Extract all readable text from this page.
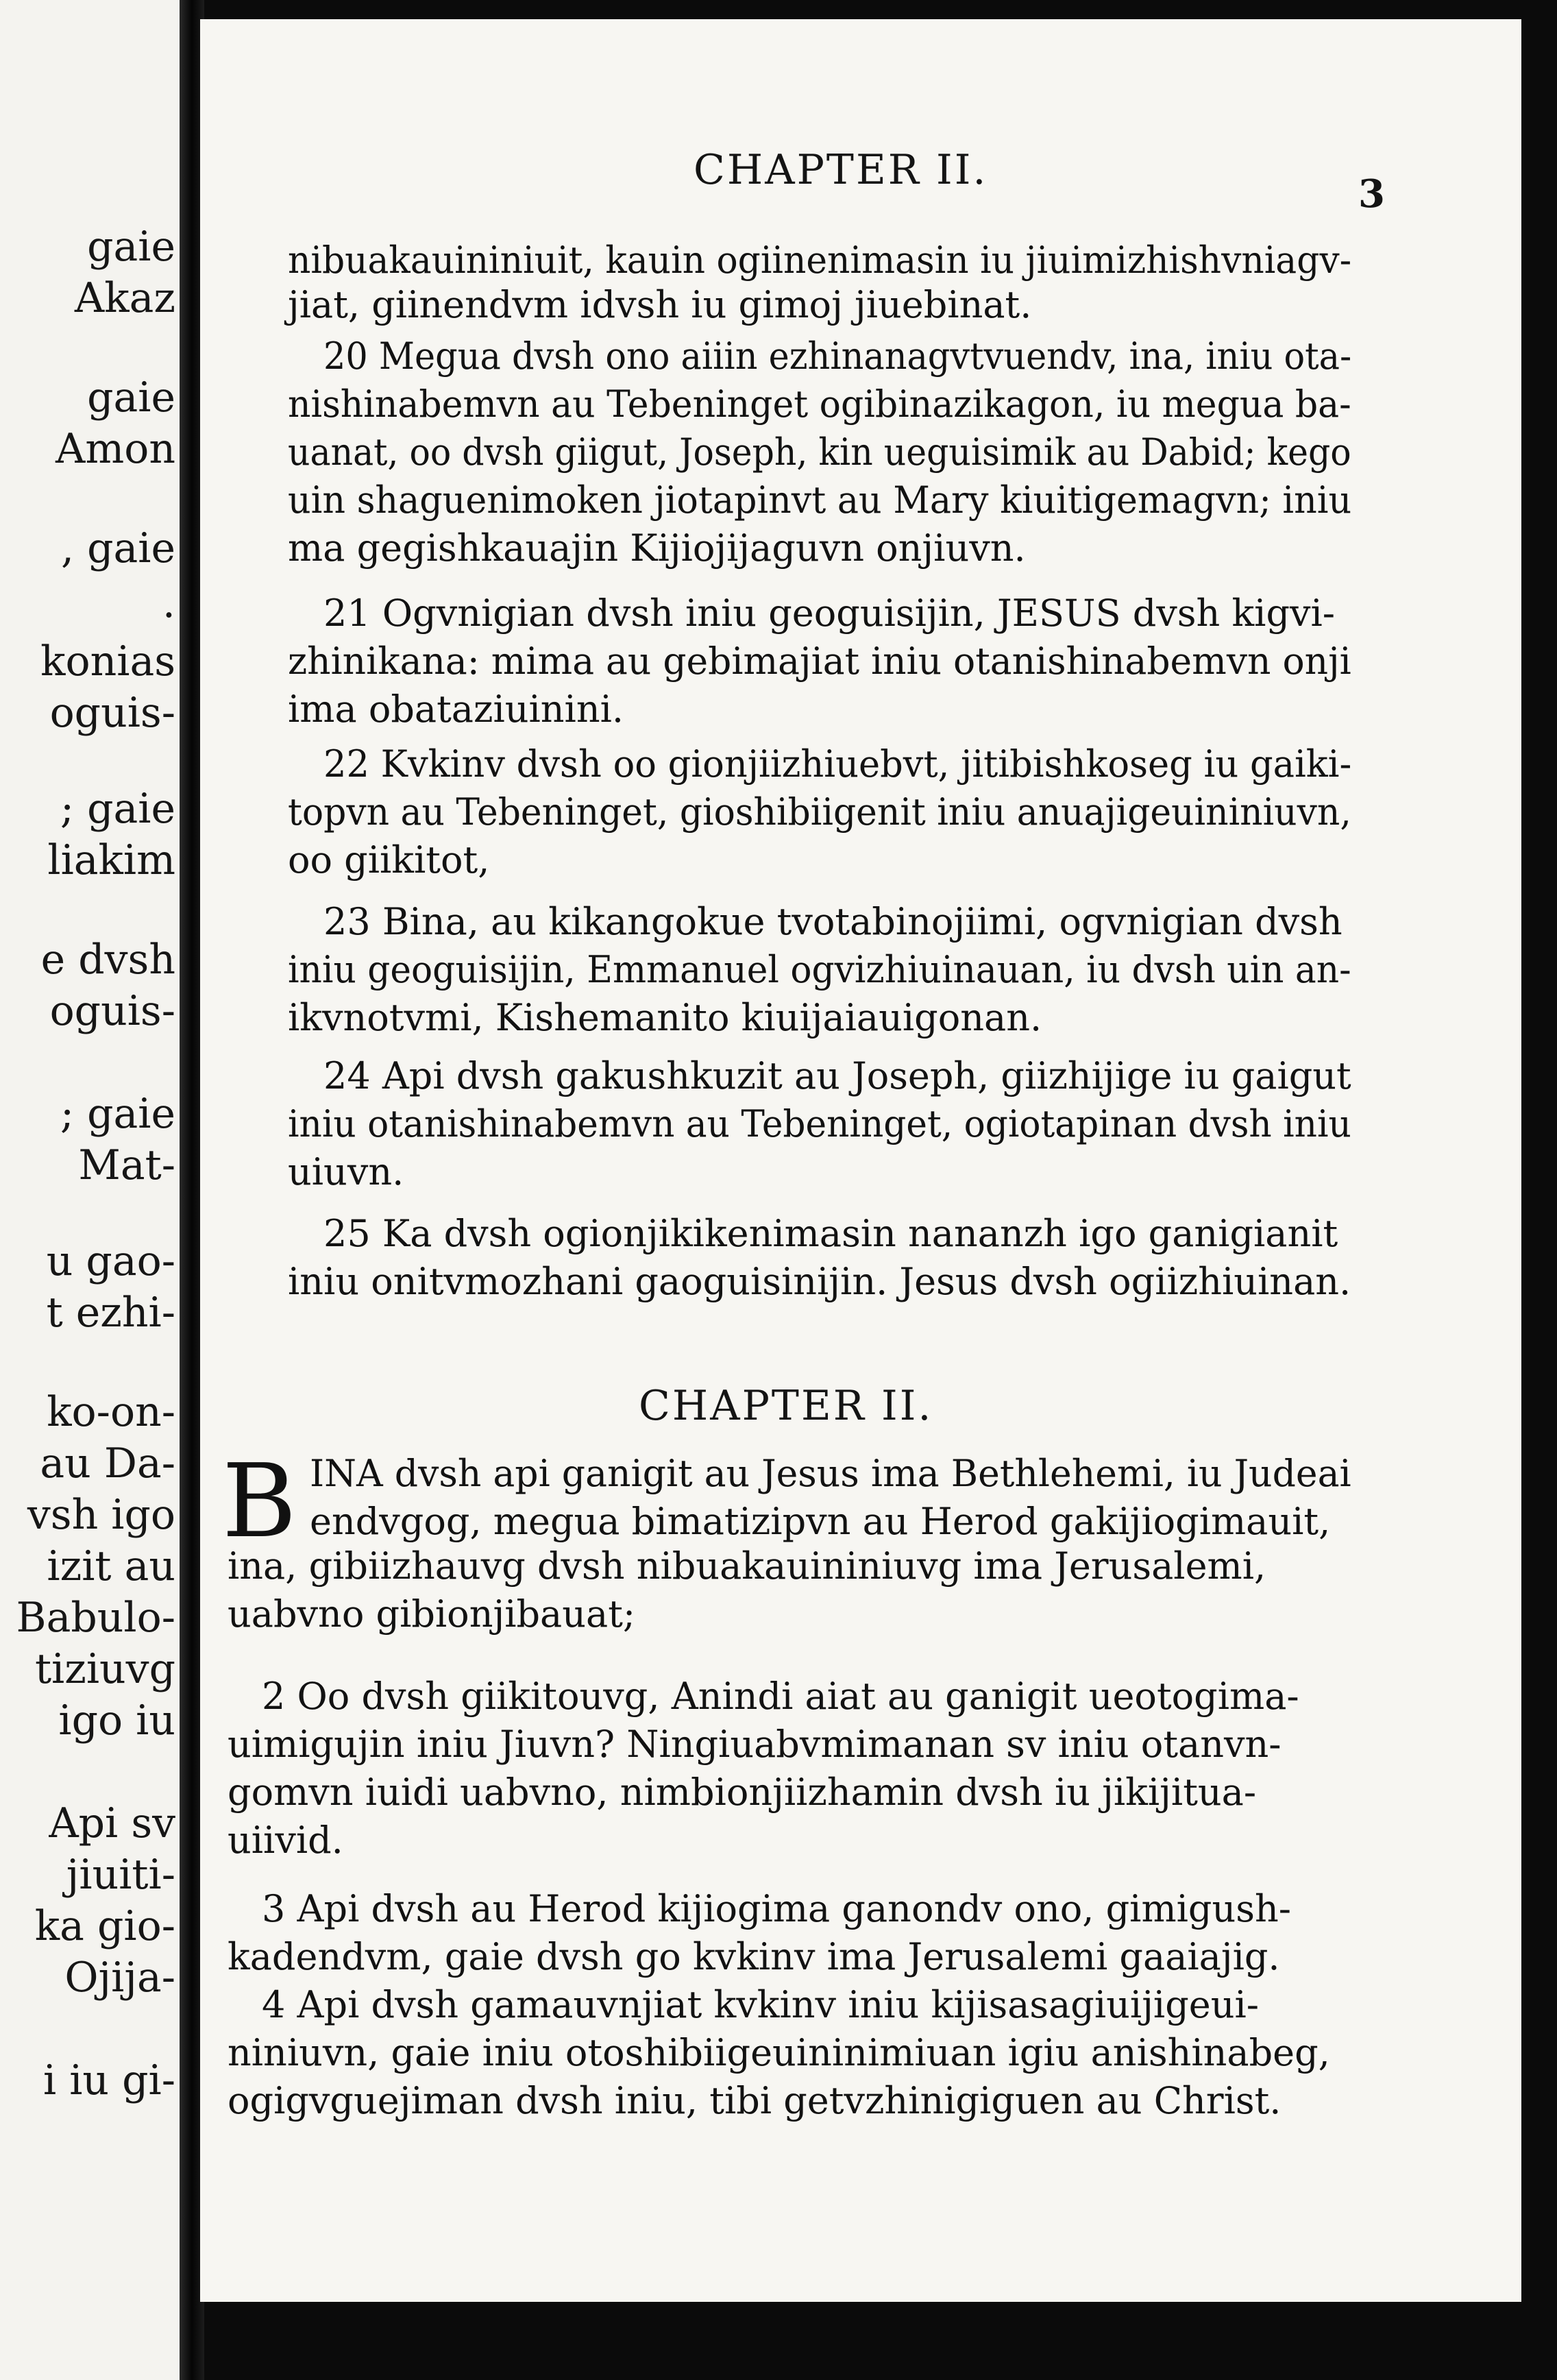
gaie
Akaz
gaie
Amon
, gaie
.
konias
oguis-
; gaie
liakim
e dvsh
oguis-
; gaie
Mat-
u gao-
t ezhi-
ko-on-
au Da-
vsh igo
izit au
Babulo-
tiziuvg
igo iu
Api sv
jiuiti-
ka gio-
Ojija-
i iu gi-
CHAPTER II.	3
nibuakauininiuit, kauin ogiinenimasin iu jiuimizhishvniagv-
jiat, giinendvm idvsh iu gimoj jiuebinat.
20 Megua dvsh ono aiiin ezhinanagvtvuendv, ina, iniu ota-
nishinabemvn au Tebeninget ogibinazikagon, iu megua ba-
uanat, oo dvsh giigut, Joseph, kin ueguisimik au Dabid; kego
uin shaguenimoken jiotapinvt au Mary kiuitigemagvn; iniu
ma gegishkauajin Kijiojijaguvn onjiuvn.
21 Ogvnigian dvsh iniu geoguisijin, JESUS dvsh kigvi-
zhinikana: mima au gebimajiat iniu otanishinabemvn onji
ima obataziuinini.
22 Kvkinv dvsh oo gionjiizhiuebvt, jitibishkoseg iu gaiki-
topvn au Tebeninget, gioshibiigenit iniu anuajigeuininiuvn,
oo giikitot,
23 Bina, au kikangokue tvotabinojiimi, ogvnigian dvsh
iniu geoguisijin, Emmanuel ogvizhiuinauan, iu dvsh uin an-
ikvnotvmi, Kishemanito kiuijaiauigonan.
24 Api dvsh gakushkuzit au Joseph, giizhijige iu gaigut
iniu otanishinabemvn au Tebeninget, ogiotapinan dvsh iniu
uiuvn.
25 Ka dvsh ogionjikikenimasin nananzh igo ganigianit
iniu onitvmozhani gaoguisinijin. Jesus dvsh ogiizhiuinan.
CHAPTER II.
B INA dvsh api ganigit au Jesus ima Bethlehemi, iu Judeai
endvgog, megua bimatizipvn au Herod gakijiogimauit,
ina, gibiizhauvg dvsh nibuakauininiuvg ima Jerusalemi,
uabvno gibionjibauat;
2 Oo dvsh giikitouvg, Anindi aiat au ganigit ueotogima-
uimigujin iniu Jiuvn? Ningiuabvmimanan sv iniu otanvn-
gomvn iuidi uabvno, nimbionjiizhamin dvsh iu jikijitua-
uiivid.
3 Api dvsh au Herod kijiogima ganondv ono, gimigush-
kadendvm, gaie dvsh go kvkinv ima Jerusalemi gaaiajig.
4 Api dvsh gamauvnjiat kvkinv iniu kijisasagiuijigeui-
niniuvn, gaie iniu otoshibiigeuininimiuan igiu anishinabeg,
ogigvguejiman dvsh iniu, tibi getvzhinigiguen au Christ.
